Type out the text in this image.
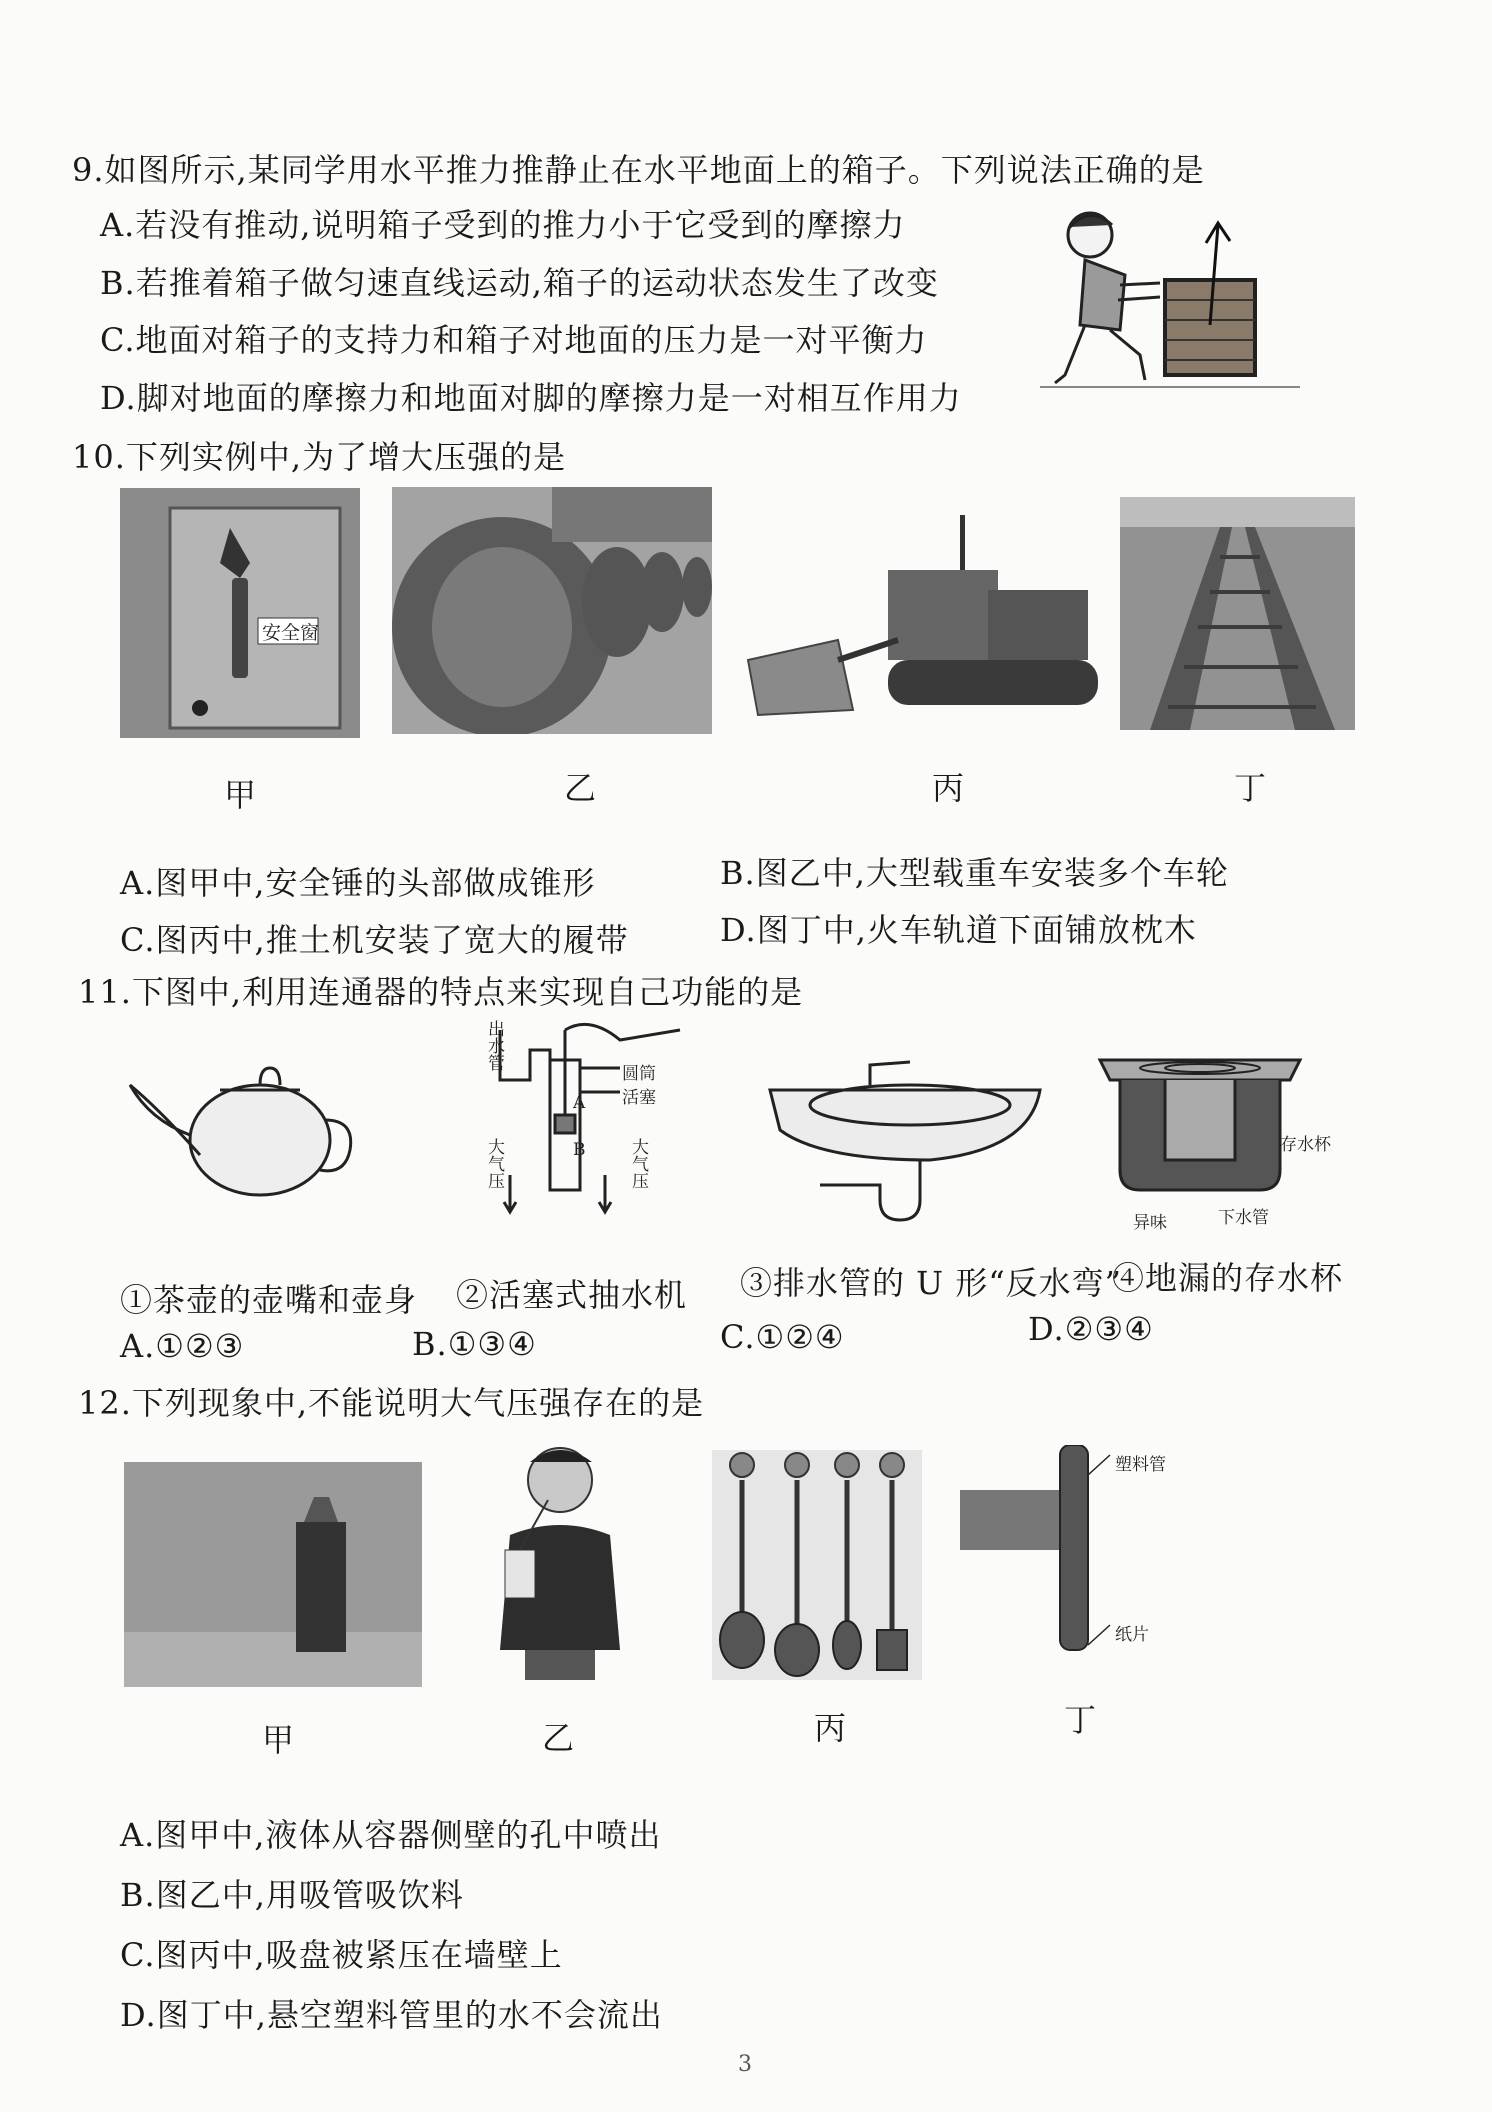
9.如图所示,某同学用水平推力推静止在水平地面上的箱子。下列说法正确的是
A.若没有推动,说明箱子受到的推力小于它受到的摩擦力
B.若推着箱子做匀速直线运动,箱子的运动状态发生了改变
C.地面对箱子的支持力和箱子对地面的压力是一对平衡力
D.脚对地面的摩擦力和地面对脚的摩擦力是一对相互作用力
10.下列实例中,为了增大压强的是
安全窗
甲	乙	丙	丁
A.图甲中,安全锤的头部做成锥形	B.图乙中,大型载重车安装多个车轮
C.图丙中,推土机安装了宽大的履带	D.图丁中,火车轨道下面铺放枕木
11.下图中,利用连通器的特点来实现自己功能的是
出水管	圆筒
活塞
A
B
大气压
大气压
存水杯
异味	下水管
①茶壶的壶嘴和壶身 ②活塞式抽水机 ③排水管的 U 形“反水弯”
④地漏的存水杯
A.①②③	B.①③④	C.①②④	D.②③④
12.下列现象中,不能说明大气压强存在的是
塑料管
纸片
甲	乙	丙	丁
A.图甲中,液体从容器侧壁的孔中喷出
B.图乙中,用吸管吸饮料
C.图丙中,吸盘被紧压在墙壁上
D.图丁中,悬空塑料管里的水不会流出
3
